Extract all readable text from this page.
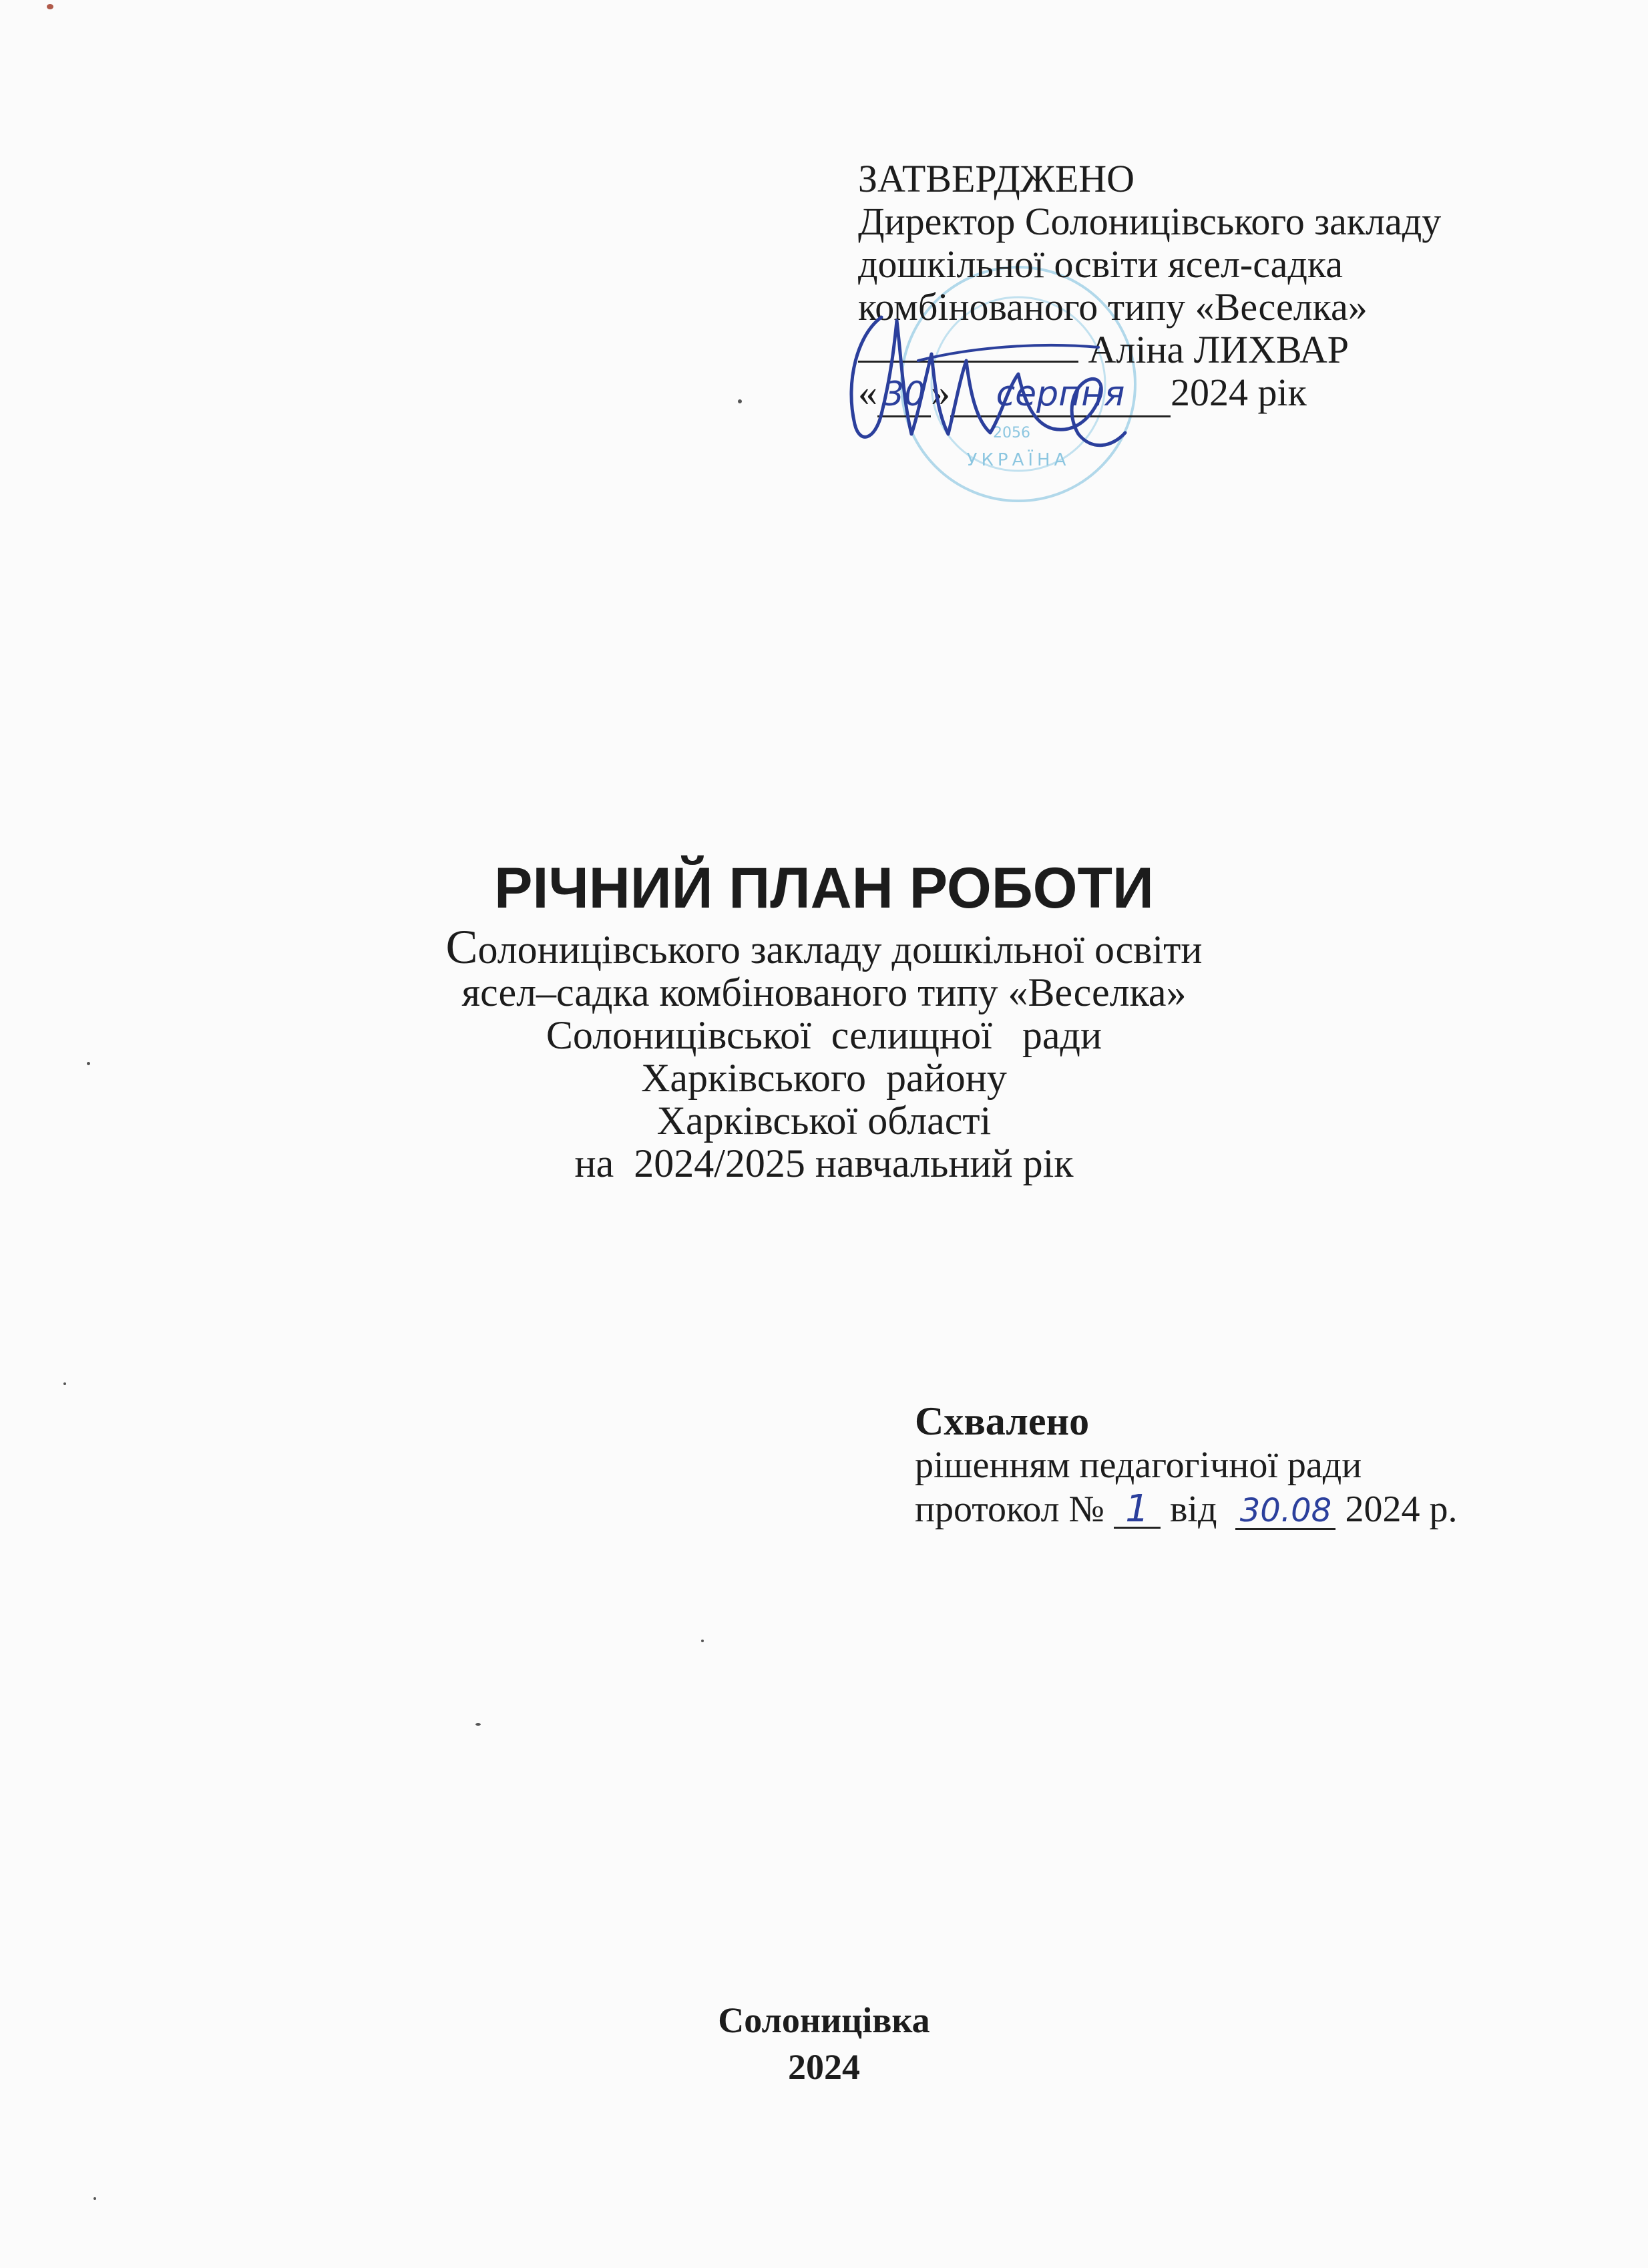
УКРАЇНА
2056
ЗАТВЕРДЖЕНО
Директор Солоницівського закладу
дошкільної освіти ясел-садка
комбінованого типу «Веселка»
Аліна ЛИХВАР
« 30 » серпня 2024 рік
РІЧНИЙ ПЛАН РОБОТИ
Солоницівського закладу дошкільної освіти
ясел–садка комбінованого типу «Веселка»
Солоницівської  селищної   ради
Харківського  району
Харківської області
на  2024/2025 навчальний рік
Схвалено
рішенням педагогічної ради
протокол № 1 від  30.08 2024 р.
Солоницівка
2024
